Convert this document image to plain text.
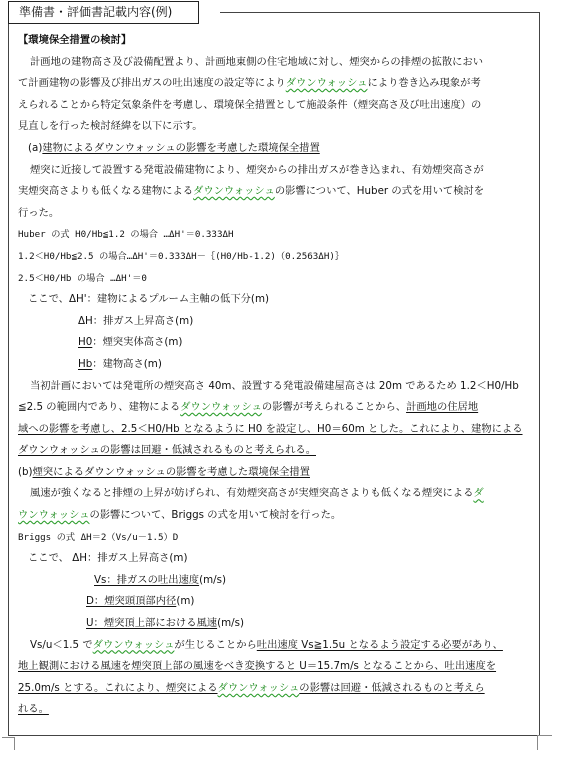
準備書・評価書記載内容(例)
【環境保全措置の検討】
計画地の建物高さ及び設備配置より、計画地東側の住宅地域に対し、煙突からの排煙の拡散におい
て計画建物の影響及び排出ガスの吐出速度の設定等によりダウンウォッシュにより巻き込み現象が考
えられることから特定気象条件を考慮し、環境保全措置として施設条件（煙突高さ及び吐出速度）の
見直しを行った検討経緯を以下に示す。
(a)建物によるダウンウォッシュの影響を考慮した環境保全措置
煙突に近接して設置する発電設備建物により、煙突からの排出ガスが巻き込まれ、有効煙突高さが
実煙突高さよりも低くなる建物によるダウンウォッシュの影響について、Huber の式を用いて検討を
行った。
Huber の式 H0/Hb≦1.2 の場合 …ΔH'＝0.333ΔH
1.2＜H0/Hb≦2.5 の場合…ΔH'＝0.333ΔH－｛(H0/Hb-1.2)（0.2563ΔH)｝
2.5＜H0/Hb の場合 …ΔH'＝0
ここで、ΔH'：建物によるプルーム主軸の低下分(m)
ΔH：排ガス上昇高さ(m)
H0：煙突実体高さ(m)
Hb：建物高さ(m)
当初計画においては発電所の煙突高さ 40m、設置する発電設備建屋高さは 20m であるため 1.2＜H0/Hb
≦2.5 の範囲内であり、建物によるダウンウォッシュの影響が考えられることから、計画地の住居地
域への影響を考慮し、2.5＜H0/Hb となるように H0 を設定し、H0＝60m とした。これにより、建物による
ダウンウォッシュの影響は回避・低減されるものと考えられる。
(b)煙突によるダウンウォッシュの影響を考慮した環境保全措置
風速が強くなると排煙の上昇が妨げられ、有効煙突高さが実煙突高さよりも低くなる煙突によるダ
ウンウォッシュの影響について、Briggs の式を用いて検討を行った。
Briggs の式 ΔH＝2（Vs/u－1.5）D
ここで、 ΔH：排ガス上昇高さ(m)
Vs：排ガスの吐出速度(m/s)
D：煙突頭頂部内径(m)
U：煙突頂上部における風速(m/s)
Vs/u＜1.5 でダウンウォッシュが生じることから吐出速度 Vs≧1.5u となるよう設定する必要があり、
地上観測における風速を煙突頂上部の風速をべき変換すると U＝15.7m/s となることから、吐出速度を
25.0m/s とする。これにより、煙突によるダウンウォッシュの影響は回避・低減されるものと考えら
れる。
